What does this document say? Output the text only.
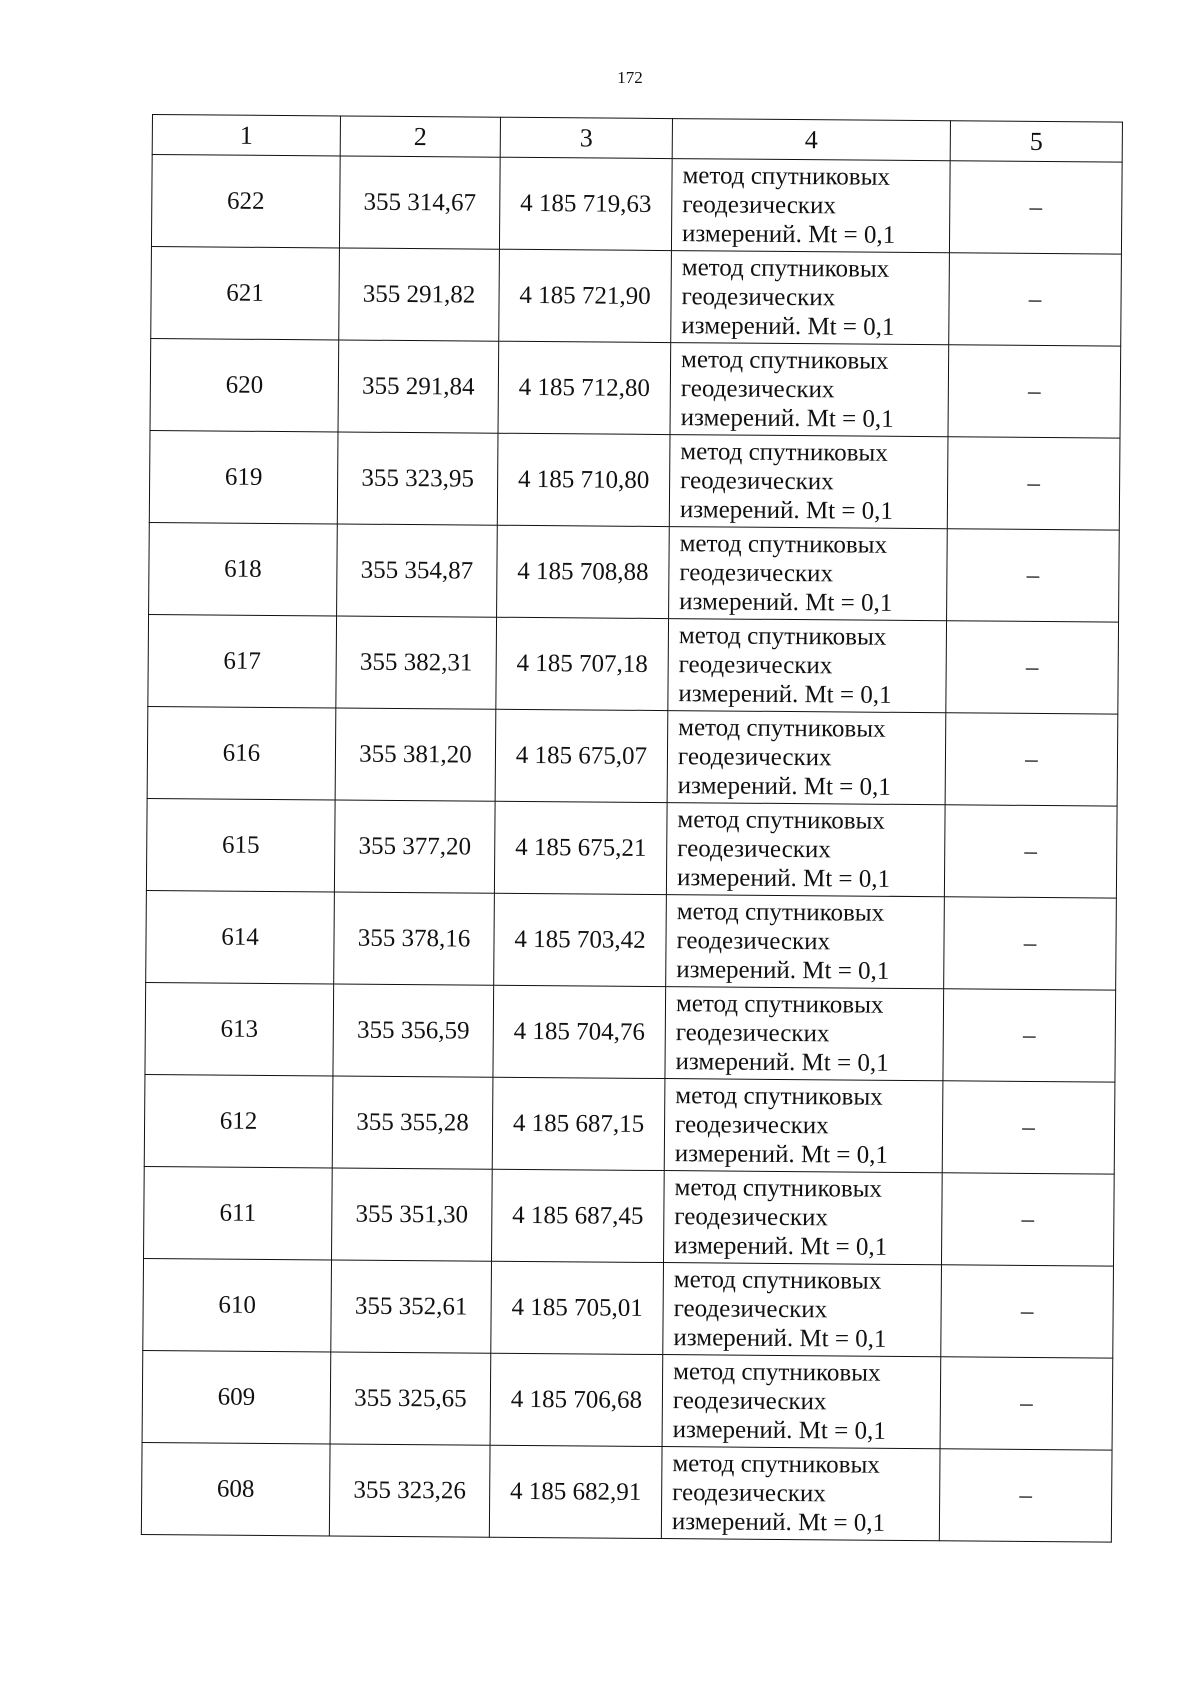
172
1	2	3	4	5
622	355 314,67	4 185 719,63	метод спутниковых геодезических измерений. Mt = 0,1	–
621	355 291,82	4 185 721,90	метод спутниковых геодезических измерений. Mt = 0,1	–
620	355 291,84	4 185 712,80	метод спутниковых геодезических измерений. Mt = 0,1	–
619	355 323,95	4 185 710,80	метод спутниковых геодезических измерений. Mt = 0,1	–
618	355 354,87	4 185 708,88	метод спутниковых геодезических измерений. Mt = 0,1	–
617	355 382,31	4 185 707,18	метод спутниковых геодезических измерений. Mt = 0,1	–
616	355 381,20	4 185 675,07	метод спутниковых геодезических измерений. Mt = 0,1	–
615	355 377,20	4 185 675,21	метод спутниковых геодезических измерений. Mt = 0,1	–
614	355 378,16	4 185 703,42	метод спутниковых геодезических измерений. Mt = 0,1	–
613	355 356,59	4 185 704,76	метод спутниковых геодезических измерений. Mt = 0,1	–
612	355 355,28	4 185 687,15	метод спутниковых геодезических измерений. Mt = 0,1	–
611	355 351,30	4 185 687,45	метод спутниковых геодезических измерений. Mt = 0,1	–
610	355 352,61	4 185 705,01	метод спутниковых геодезических измерений. Mt = 0,1	–
609	355 325,65	4 185 706,68	метод спутниковых геодезических измерений. Mt = 0,1	–
608	355 323,26	4 185 682,91	метод спутниковых геодезических измерений. Mt = 0,1	–
